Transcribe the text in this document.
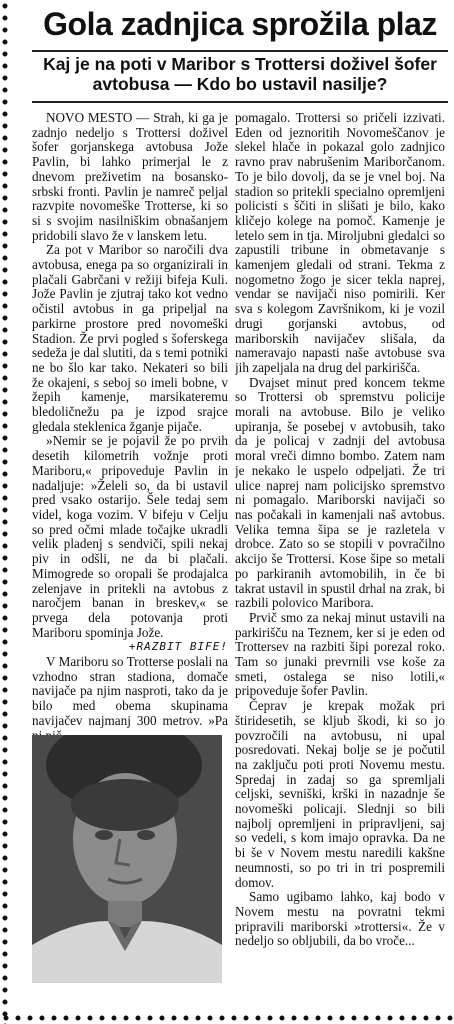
Gola zadnjica sprožila plaz
Kaj je na poti v Maribor s Trottersi doživel šofer avtobusa — Kdo bo ustavil nasilje?

NOVO MESTO — Strah, ki ga je zadnjo nedeljo s Trottersi doživel šofer gorjanskega avtobusa Jože Pavlin, bi lahko primerjal le z dnevom preživetim na bosansko-srbski fronti. Pavlin je namreč peljal razvpite novomeške Trotterse, ki so si s svojim nasilniškim obnašanjem pridobili slavo že v lanskem letu.

Za pot v Maribor so naročili dva avtobusa, enega pa so organizirali in plačali Gabrčani v režiji bifeja Kuli. Jože Pavlin je zjutraj tako kot vedno očistil avtobus in ga pripeljal na parkirne prostore pred novomeški Stadion. Že prvi pogled s šoferskega sedeža je dal slutiti, da s temi potniki ne bo šlo kar tako. Nekateri so bili že okajeni, s seboj so imeli bobne, v žepih kamenje, marsikateremu bledoličnežu pa je izpod srajce gledala steklenica žganje pijače.

»Nemir se je pojavil že po prvih desetih kilometrih vožnje proti Mariboru,« pripoveduje Pavlin in nadaljuje: »Želeli so, da bi ustavil pred vsako ostarijo. Šele tedaj sem videl, koga vozim. V bifeju v Celju so pred očmi mlade točajke ukradli velik pladenj s sendviči, spili nekaj piv in odšli, ne da bi plačali. Mimogrede so oropali še prodajalca zelenjave in pritekli na avtobus z naročjem banan in breskev,« se prvega dela potovanja proti Mariboru spominja Jože.

+RAZBIT BIFE!

V Mariboru so Trotterse poslali na vzhodno stran stadiona, domače navijače pa njim nasproti, tako da je bilo med obema skupinama navijačev najmanj 300 metrov. »Pa

pomagalo. Trottersi so pričeli izzivati. Eden od jeznoritih Novomeščanov je slekel hlače in pokazal golo zadnjico ravno prav nabrušenim Mariborčanom. To je bilo dovolj, da se je vnel boj. Na stadion so pritekli specialno opremljeni policisti s ščiti in slišati je bilo, kako kličejo kolege na pomoč. Kamenje je letelo sem in tja. Miroljubni gledalci so zapustili tribune in obmetavanje s kamenjem gledali od strani. Tekma z nogometno žogo je sicer tekla naprej, vendar se navijači niso pomirili. Ker sva s kolegom Završnikom, ki je vozil drugi gorjanski avtobus, od mariborskih navijačev slišala, da nameravajo napasti naše avtobuse sva jih zapeljala na drug del parkirišča.

Dvajset minut pred koncem tekme so Trottersi ob spremstvu policije morali na avtobuse. Bilo je veliko upiranja, še posebej v avtobusih, tako da je policaj v zadnji del avtobusa moral vreči dimno bombo. Zatem nam je nekako le uspelo odpeljati. Že tri ulice naprej nam policijsko spremstvo ni pomagalo. Mariborski navijači so nas počakali in kamenjali naš avtobus. Velika temna šipa se je razletela v drobce. Zato so se stopili v povračilno akcijo še Trottersi. Kose šipe so metali po parkiranih avtomobilih, in če bi takrat ustavil in spustil drhal na zrak, bi razbili polovico Maribora.

Prvič smo za nekaj minut ustavili na parkirišču na Teznem, ker si je eden od Trottersev na razbiti šipi porezal roko. Tam so junaki prevrnili vse koše za smeti, ostalega se niso lotili,« pripoveduje šofer Pavlin.

Čeprav je krepak možak pri štiridesetih, se kljub škodi, ki so jo povzročili na avtobusu, ni upal posredovati. Nekaj bolje se je počutil na zaključu poti proti Novemu mestu. Spredaj in zadaj so ga spremljali celjski, sevniški, krški in nazadnje še novomeški policaji. Slednji so bili najbolj opremljeni in pripravljeni, saj so vedeli, s kom imajo opravka. Da ne bi še v Novem mestu naredili kakšne neumnosti, so po tri in tri pospremili domov.

Samo ugibamo lahko, kaj bodo v Novem mestu na povratni tekmi pripravili mariborski »trottersi«. Že v nedeljo so obljubili, da bo vroče...
